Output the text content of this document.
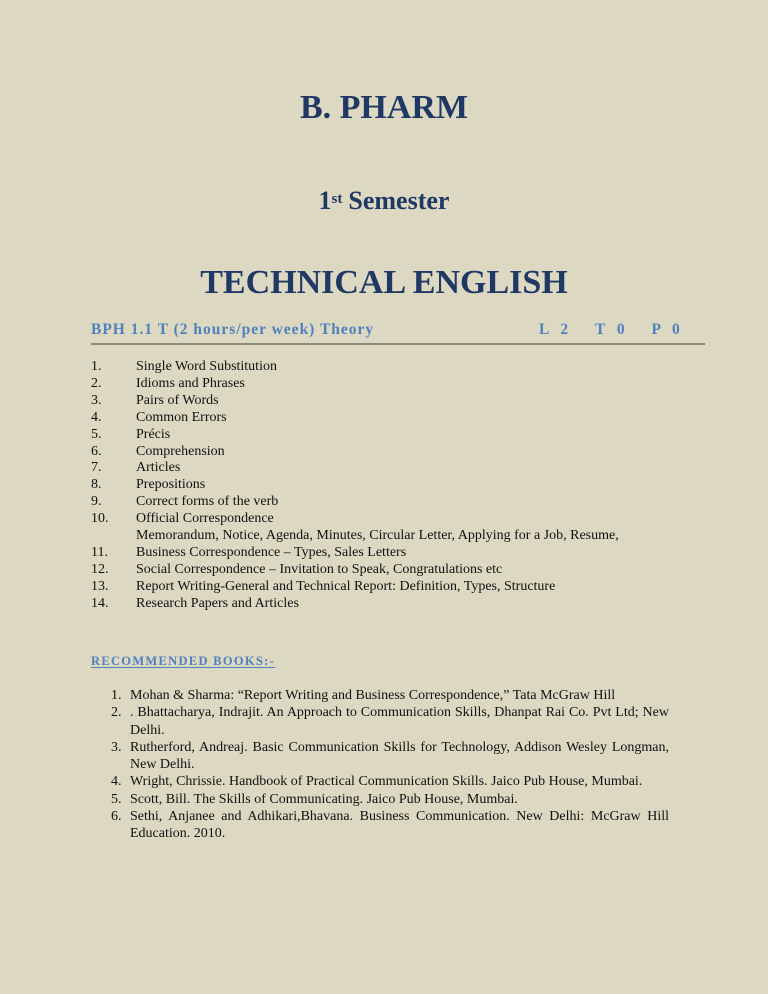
B. PHARM
1st Semester
TECHNICAL ENGLISH
BPH 1.1 T (2 hours/per week) Theory	L 2 T 0 P 0
1. Single Word Substitution
2. Idioms and Phrases
3. Pairs of Words
4. Common Errors
5. Précis
6. Comprehension
7. Articles
8. Prepositions
9. Correct forms of the verb
10. Official Correspondence
Memorandum, Notice, Agenda, Minutes, Circular Letter, Applying for a Job, Resume,
11. Business Correspondence – Types, Sales Letters
12. Social Correspondence – Invitation to Speak, Congratulations etc
13. Report Writing-General and Technical Report: Definition, Types, Structure
14. Research Papers and Articles
RECOMMENDED BOOKS:-
1. Mohan & Sharma: “Report Writing and Business Correspondence,” Tata McGraw Hill
2. . Bhattacharya, Indrajit. An Approach to Communication Skills, Dhanpat Rai Co. Pvt Ltd; New Delhi.
3. Rutherford, Andreaj. Basic Communication Skills for Technology, Addison Wesley Longman, New Delhi.
4. Wright, Chrissie. Handbook of Practical Communication Skills. Jaico Pub House, Mumbai.
5. Scott, Bill. The Skills of Communicating. Jaico Pub House, Mumbai.
6. Sethi, Anjanee and Adhikari,Bhavana. Business Communication. New Delhi: McGraw Hill Education. 2010.
